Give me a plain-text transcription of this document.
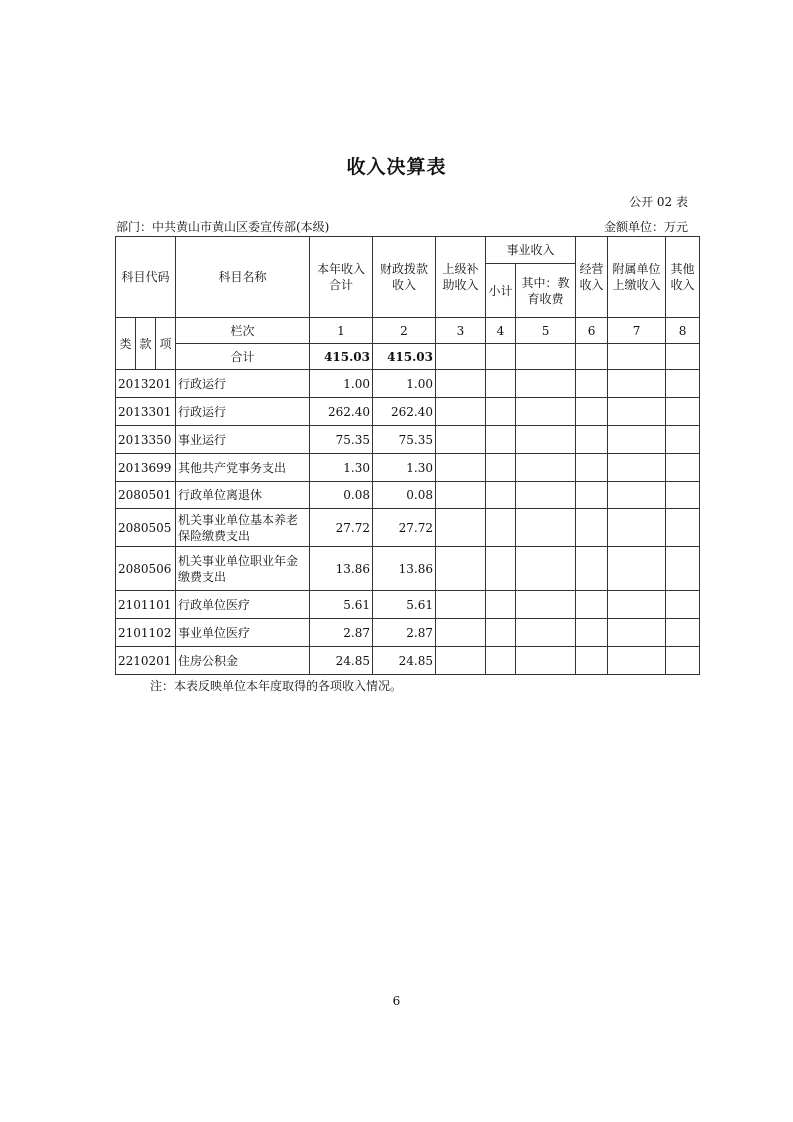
收入决算表
公开 02 表
部门：中共黄山市黄山区委宣传部(本级)	金额单位：万元
科目代码			科目名称	本年收入合计	财政拨款收入	上级补助收入	事业收入		经营收入	附属单位上缴收入	其他收入
							小计	其中：教育收费			

类	款	项	栏次	1	2	3	4	5	6	7	8
			合计	415.03	415.03						
2013201			行政运行	1.00	1.00						
2013301			行政运行	262.40	262.40						
2013350			事业运行	75.35	75.35						
2013699			其他共产党事务支出	1.30	1.30						
2080501			行政单位离退休	0.08	0.08						
2080505			机关事业单位基本养老保险缴费支出	27.72	27.72						
2080506			机关事业单位职业年金缴费支出	13.86	13.86						
2101101			行政单位医疗	5.61	5.61						
2101102			事业单位医疗	2.87	2.87						
2210201			住房公积金	24.85	24.85						
注：本表反映单位本年度取得的各项收入情况。
6
